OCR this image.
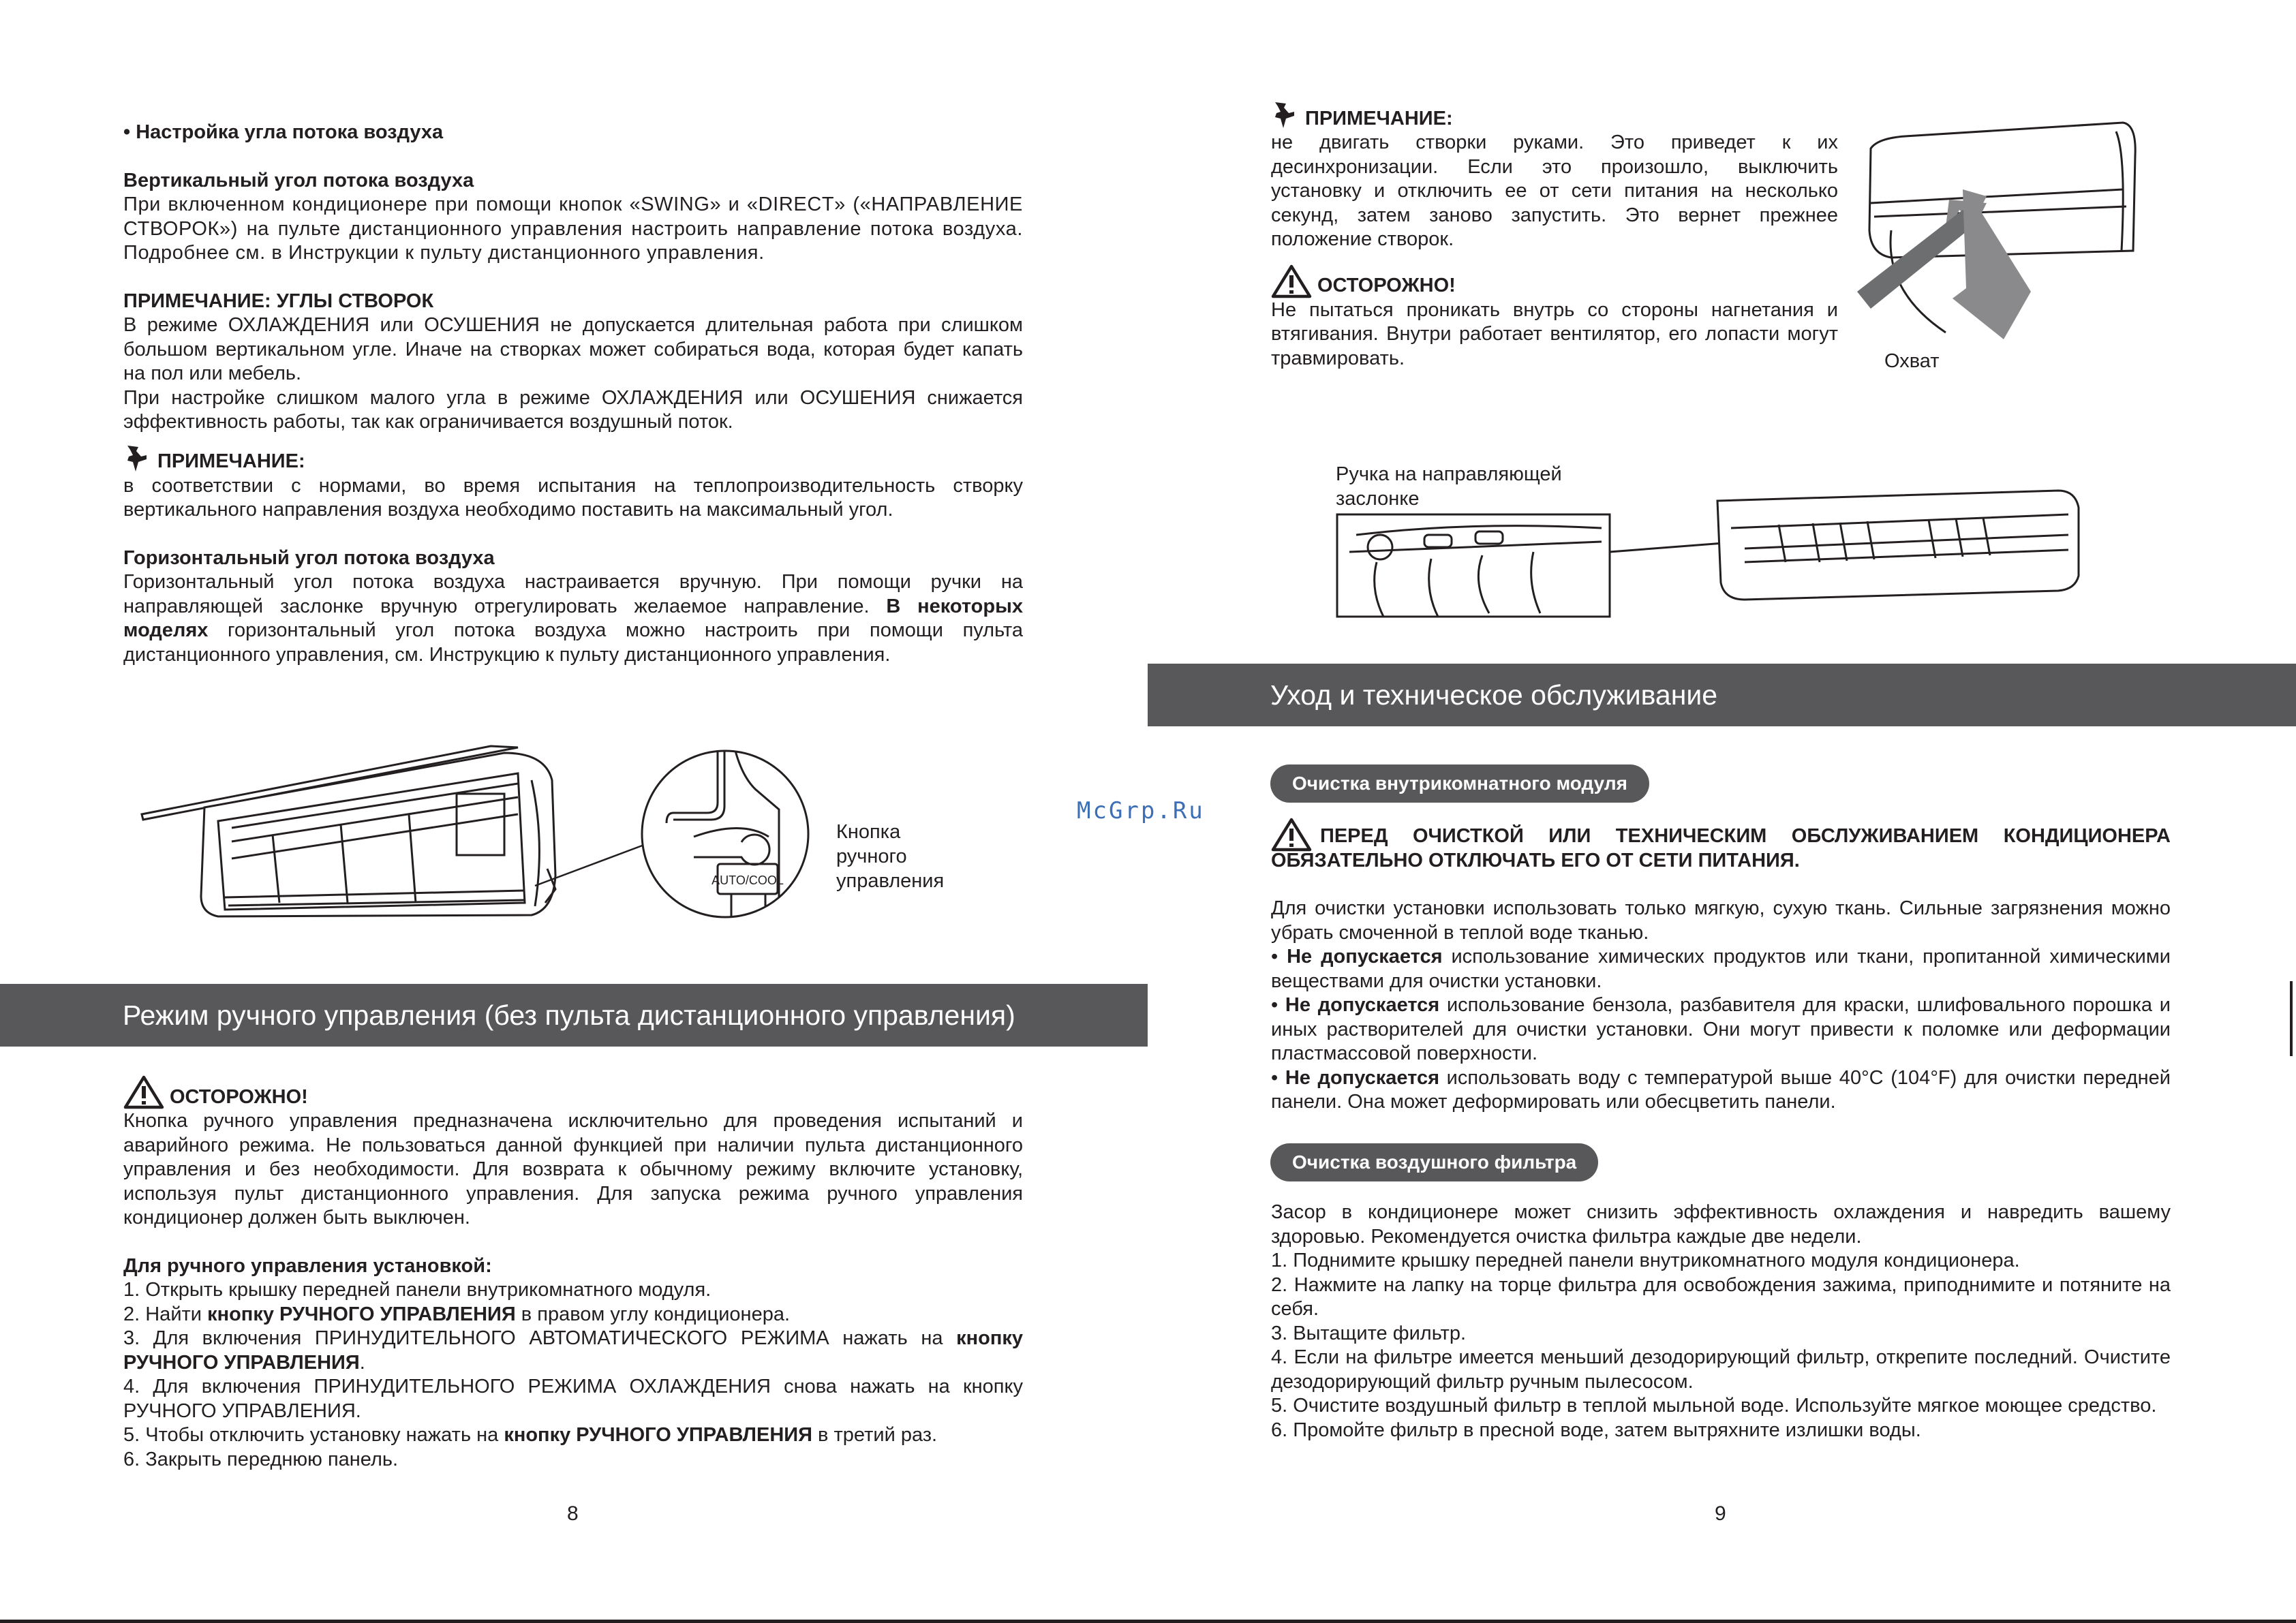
• Настройка угла потока воздуха
Вертикальный угол потока воздуха

При включенном кондиционере при помощи кнопок «SWING» и «DIRECT» («НАПРАВЛЕНИЕ СТВОРОК») на пульте дистанционного управления настроить направление потока воздуха. Подробнее см. в Инструкции к пульту дистанционного управления.

ПРИМЕЧАНИЕ: УГЛЫ СТВОРОК

В режиме ОХЛАЖДЕНИЯ или ОСУШЕНИЯ не допускается длительная работа при слишком большом вертикальном угле. Иначе на створках может собираться вода, которая будет капать на пол или мебель.

При настройке слишком малого угла в режиме ОХЛАЖДЕНИЯ или ОСУШЕНИЯ снижается эффективность работы, так как ограничивается воздушный поток.

ПРИМЕЧАНИЕ:

в соответствии с нормами, во время испытания на теплопроизводительность створку вертикального направления воздуха необходимо поставить на максимальный угол.

Горизонтальный угол потока воздуха

Горизонтальный угол потока воздуха настраивается вручную. При помощи ручки на направляющей заслонке вручную отрегулировать желаемое направление. В некоторых моделях горизонтальный угол потока воздуха можно настроить при помощи пульта дистанционного управления, см. Инструкцию к пульту дистанционного управления.

AUTO/COOL
Кнопка ручного управления
Режим ручного управления (без пульта дистанционного управления)
ОСТОРОЖНО!

Кнопка ручного управления предназначена исключительно для проведения испытаний и аварийного режима. Не пользоваться данной функцией при наличии пульта дистанционного управления и без необходимости. Для возврата к обычному режиму включите установку, используя пульт дистанционного управления. Для запуска режима ручного управления кондиционер должен быть выключен.

Для ручного управления установкой:

1. Открыть крышку передней панели внутрикомнатного модуля.

2. Найти кнопку РУЧНОГО УПРАВЛЕНИЯ в правом углу кондиционера.

3. Для включения ПРИНУДИТЕЛЬНОГО АВТОМАТИЧЕСКОГО РЕЖИМА нажать на кнопку РУЧНОГО УПРАВЛЕНИЯ.

4. Для включения ПРИНУДИТЕЛЬНОГО РЕЖИМА ОХЛАЖДЕНИЯ снова нажать на кнопку РУЧНОГО УПРАВЛЕНИЯ.

5. Чтобы отключить установку нажать на кнопку РУЧНОГО УПРАВЛЕНИЯ в третий раз.

6. Закрыть переднюю панель.

8
ПРИМЕЧАНИЕ:

не двигать створки руками. Это приведет к их десинхронизации. Если это произошло, выключить установку и отключить ее от сети питания на несколько секунд, затем заново запустить. Это вернет прежнее положение створок.

ОСТОРОЖНО!

Не пытаться проникать внутрь со стороны нагнетания и втягивания. Внутри работает вентилятор, его лопасти могут травмировать.	Охват
Ручка на направляющей заслонке
Уход и техническое обслуживание
McGrp.Ru
Очистка внутрикомнатного модуля

ПЕРЕД ОЧИСТКОЙ ИЛИ ТЕХНИЧЕСКИМ ОБСЛУЖИВАНИЕМ КОНДИЦИОНЕРА ОБЯЗАТЕЛЬНО ОТКЛЮЧАТЬ ЕГО ОТ СЕТИ ПИТАНИЯ.

Для очистки установки использовать только мягкую, сухую ткань. Сильные загрязнения можно убрать смоченной в теплой воде тканью.

• Не допускается использование химических продуктов или ткани, пропитанной химическими веществами для очистки установки.

• Не допускается использование бензола, разбавителя для краски, шлифовального порошка и иных растворителей для очистки установки. Они могут привести к поломке или деформации пластмассовой поверхности.

• Не допускается использовать воду с температурой выше 40°C (104°F) для очистки передней панели. Она может деформировать или обесцветить панели.

Очистка воздушного фильтра

Засор в кондиционере может снизить эффективность охлаждения и навредить вашему здоровью. Рекомендуется очистка фильтра каждые две недели.

1. Поднимите крышку передней панели внутрикомнатного модуля кондиционера.

2. Нажмите на лапку на торце фильтра для освобождения зажима, приподнимите и потяните на себя.

3. Вытащите фильтр.

4. Если на фильтре имеется меньший дезодорирующий фильтр, открепите последний. Очистите дезодорирующий фильтр ручным пылесосом.

5. Очистите воздушный фильтр в теплой мыльной воде. Используйте мягкое моющее средство.

6. Промойте фильтр в пресной воде, затем вытряхните излишки воды.

9
